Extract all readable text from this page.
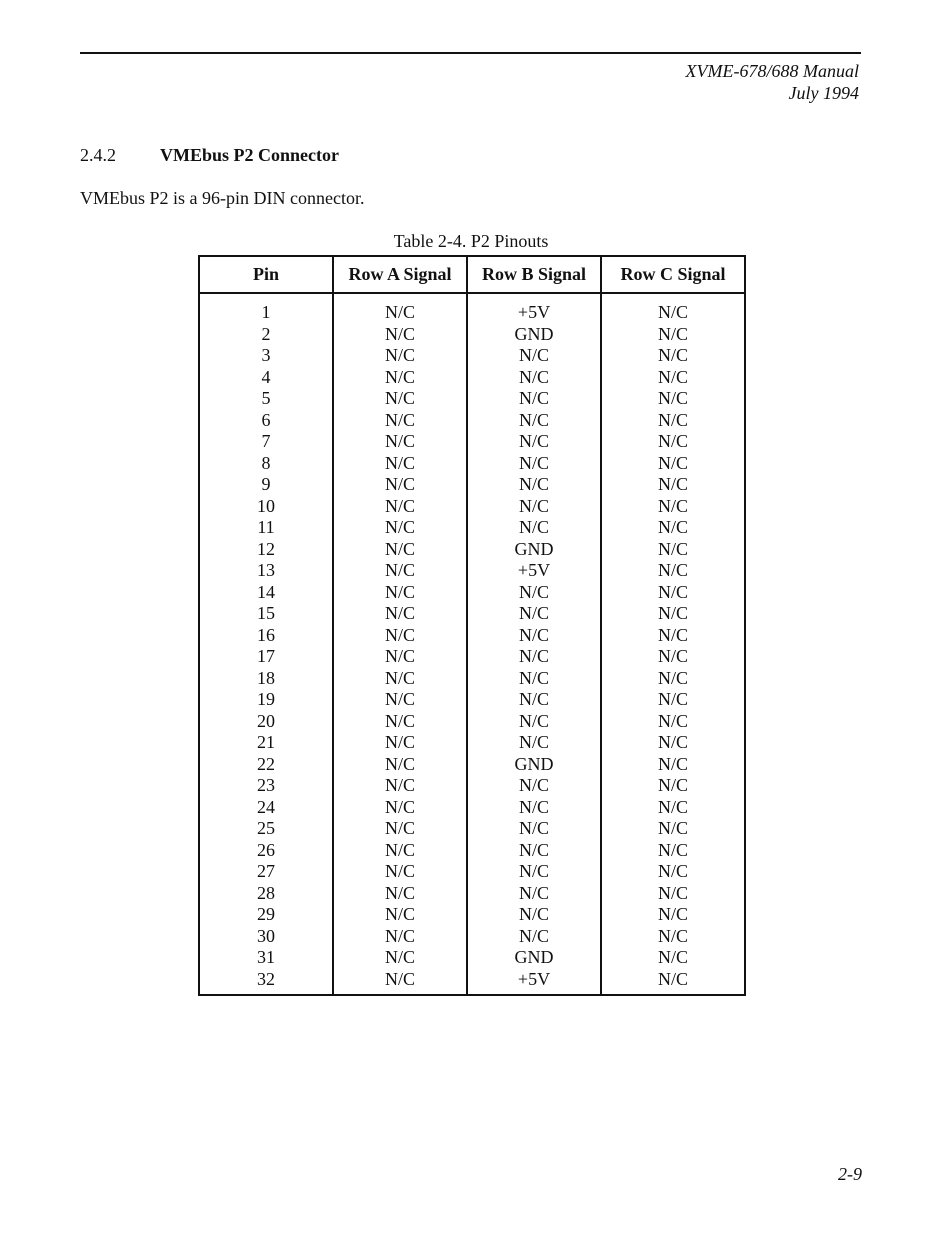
XVME-678/688 Manual
July 1994
2.4.2 VMEbus P2 Connector
VMEbus P2 is a 96-pin DIN connector.
Table 2-4. P2 Pinouts
Pin	Row A Signal	Row B Signal	Row C Signal
1	N/C	+5V	N/C
2	N/C	GND	N/C
3	N/C	N/C	N/C
4	N/C	N/C	N/C
5	N/C	N/C	N/C
6	N/C	N/C	N/C
7	N/C	N/C	N/C
8	N/C	N/C	N/C
9	N/C	N/C	N/C
10	N/C	N/C	N/C
11	N/C	N/C	N/C
12	N/C	GND	N/C
13	N/C	+5V	N/C
14	N/C	N/C	N/C
15	N/C	N/C	N/C
16	N/C	N/C	N/C
17	N/C	N/C	N/C
18	N/C	N/C	N/C
19	N/C	N/C	N/C
20	N/C	N/C	N/C
21	N/C	N/C	N/C
22	N/C	GND	N/C
23	N/C	N/C	N/C
24	N/C	N/C	N/C
25	N/C	N/C	N/C
26	N/C	N/C	N/C
27	N/C	N/C	N/C
28	N/C	N/C	N/C
29	N/C	N/C	N/C
30	N/C	N/C	N/C
31	N/C	GND	N/C
32	N/C	+5V	N/C
2-9
